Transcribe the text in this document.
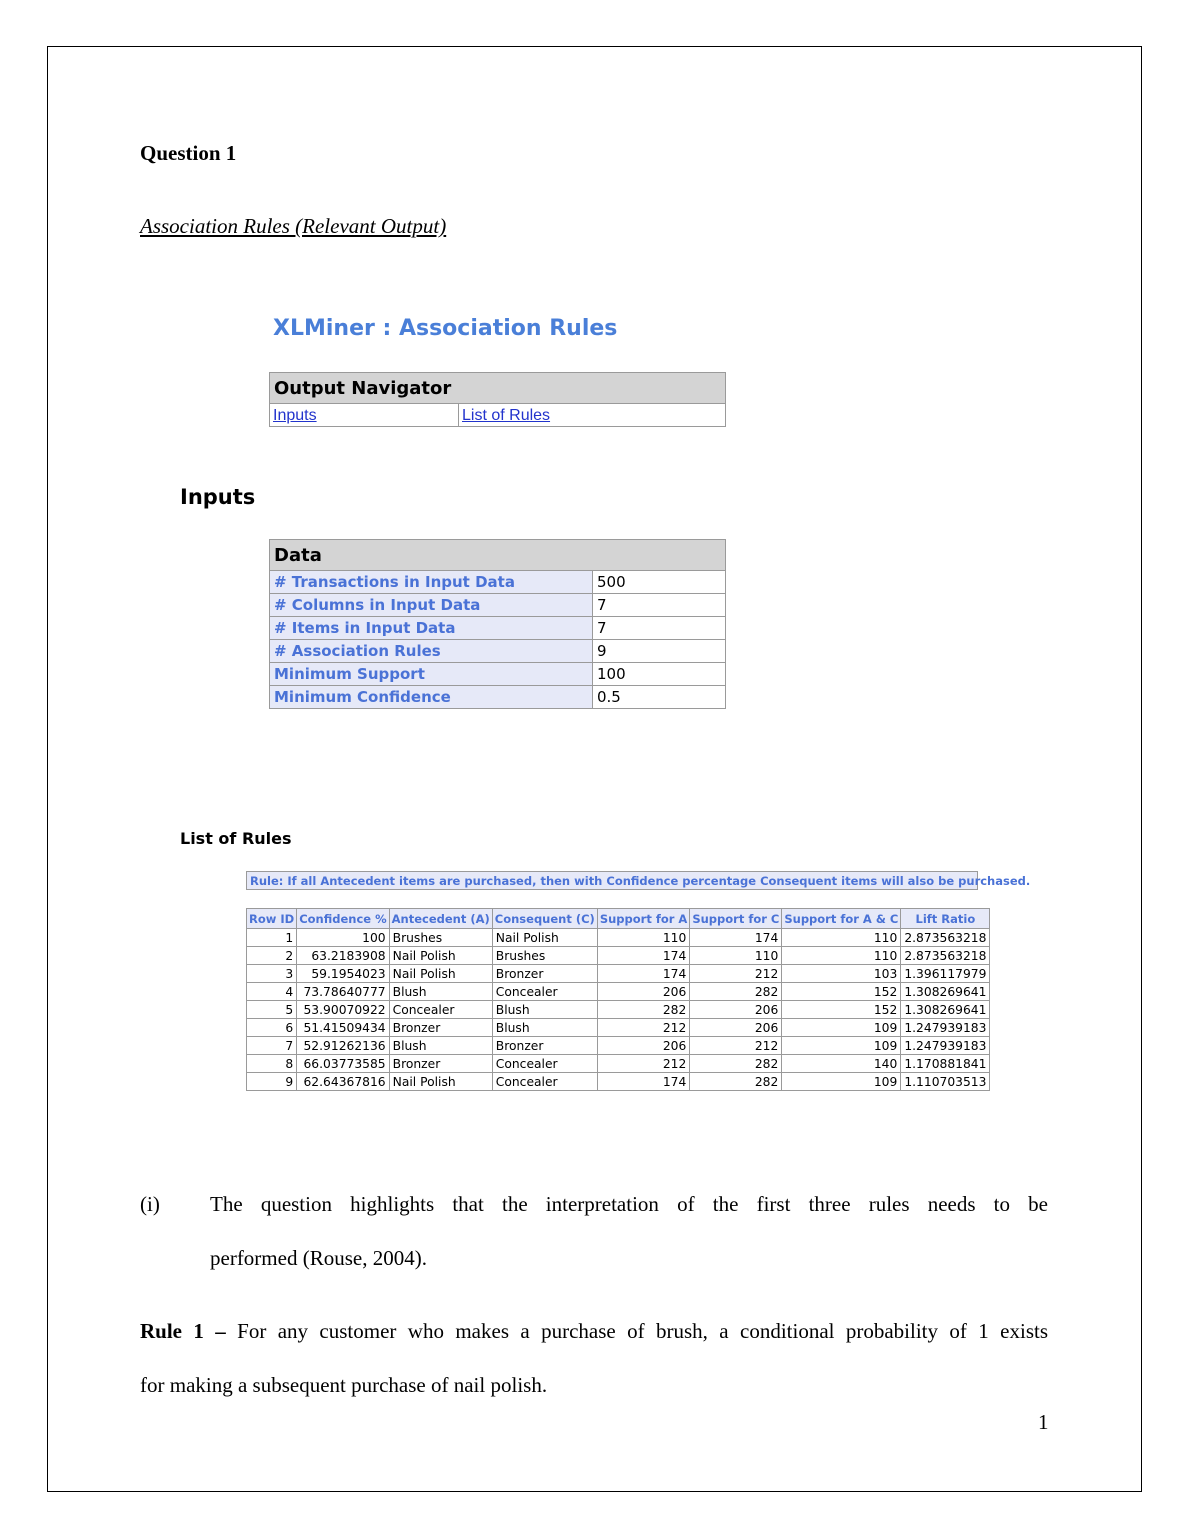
Question 1
Association Rules (Relevant Output)
XLMiner : Association Rules
Output Navigator
Inputs	List of Rules
Inputs
Data	
# Transactions in Input Data	500
# Columns in Input Data	7
# Items in Input Data	7
# Association Rules	9
Minimum Support	100
Minimum Confidence	0.5
List of Rules
Rule: If all Antecedent items are purchased, then with Confidence percentage Consequent items will also be purchased.
Row ID	Confidence %	Antecedent (A)	Consequent (C)	Support for A	Support for C	Support for A & C	Lift Ratio
1	100	Brushes	Nail Polish	110	174	110	2.873563218
2	63.2183908	Nail Polish	Brushes	174	110	110	2.873563218
3	59.1954023	Nail Polish	Bronzer	174	212	103	1.396117979
4	73.78640777	Blush	Concealer	206	282	152	1.308269641
5	53.90070922	Concealer	Blush	282	206	152	1.308269641
6	51.41509434	Bronzer	Blush	212	206	109	1.247939183
7	52.91262136	Blush	Bronzer	206	212	109	1.247939183
8	66.03773585	Bronzer	Concealer	212	282	140	1.170881841
9	62.64367816	Nail Polish	Concealer	174	282	109	1.110703513
(i) The question highlights that the interpretation of the first three rules needs to be
performed (Rouse, 2004).
Rule 1 – For any customer who makes a purchase of brush, a conditional probability of 1 exists
for making a subsequent purchase of nail polish.
1
